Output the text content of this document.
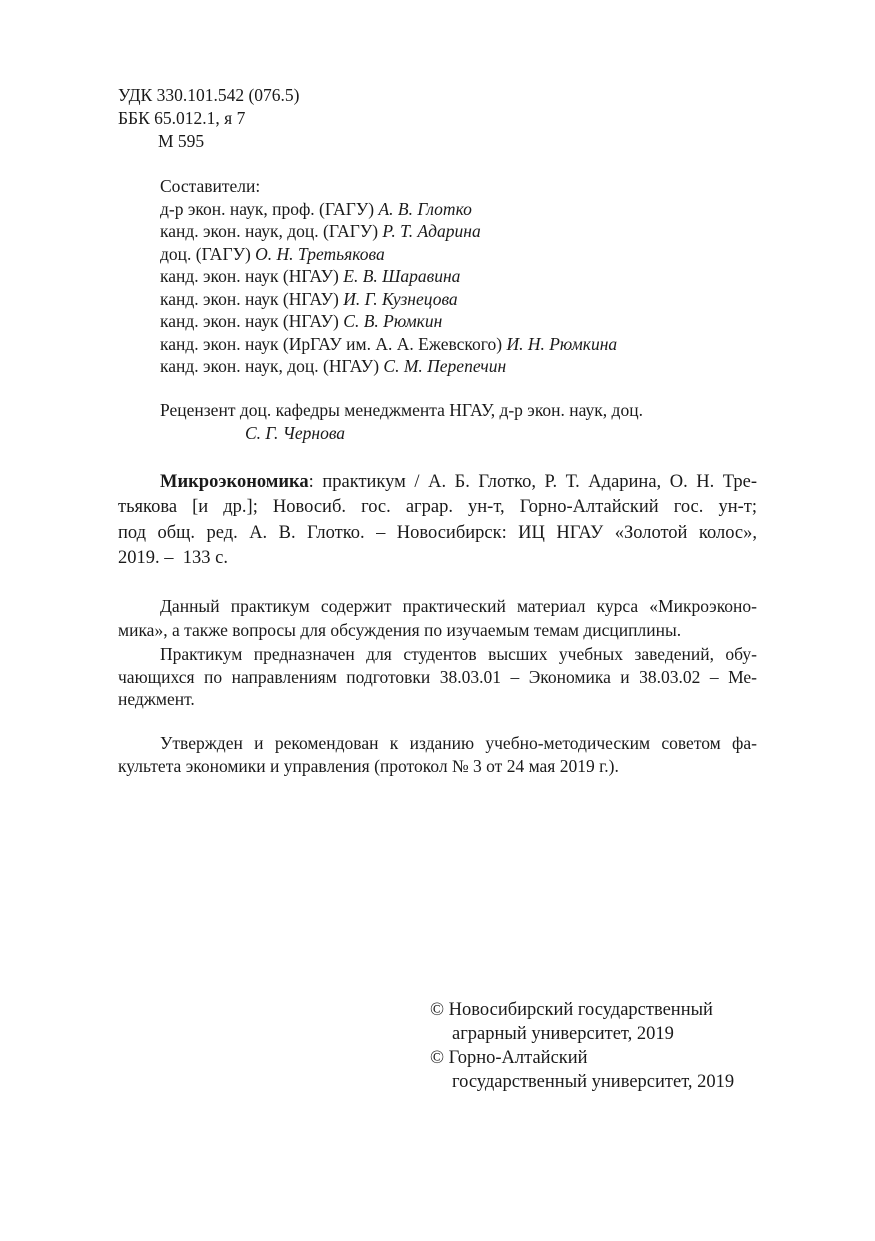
УДК 330.101.542 (076.5)
ББК 65.012.1, я 7
М 595
Составители:
д-р экон. наук, проф. (ГАГУ) А. В. Глотко
канд. экон. наук, доц. (ГАГУ) Р. Т. Адарина
доц. (ГАГУ) О. Н. Третьякова
канд. экон. наук (НГАУ) Е. В. Шаравина
канд. экон. наук (НГАУ) И. Г. Кузнецова
канд. экон. наук (НГАУ) С. В. Рюмкин
канд. экон. наук (ИрГАУ им. А. А. Ежевского) И. Н. Рюмкина
канд. экон. наук, доц. (НГАУ) С. М. Перепечин
Рецензент доц. кафедры менеджмента НГАУ, д-р экон. наук, доц.
С. Г. Чернова
Микроэкономика: практикум / А. Б. Глотко, Р. Т. Адарина, О. Н. Тре-
тьякова [и др.]; Новосиб. гос. аграр. ун-т, Горно-Алтайский гос. ун-т;
под общ. ред. А. В. Глотко. – Новосибирск: ИЦ НГАУ «Золотой колос»,
2019. –  133 с.
Данный практикум содержит практический материал курса «Микроэконо-
мика», а также вопросы для обсуждения по изучаемым темам дисциплины.
Практикум предназначен для студентов высших учебных заведений, обу-
чающихся по направлениям подготовки 38.03.01 – Экономика и 38.03.02 – Ме-
неджмент.
Утвержден и рекомендован к изданию учебно-методическим советом фа-
культета экономики и управления (протокол № 3 от 24 мая 2019 г.).
© Новосибирский государственный
аграрный университет, 2019
© Горно-Алтайский
государственный университет, 2019
